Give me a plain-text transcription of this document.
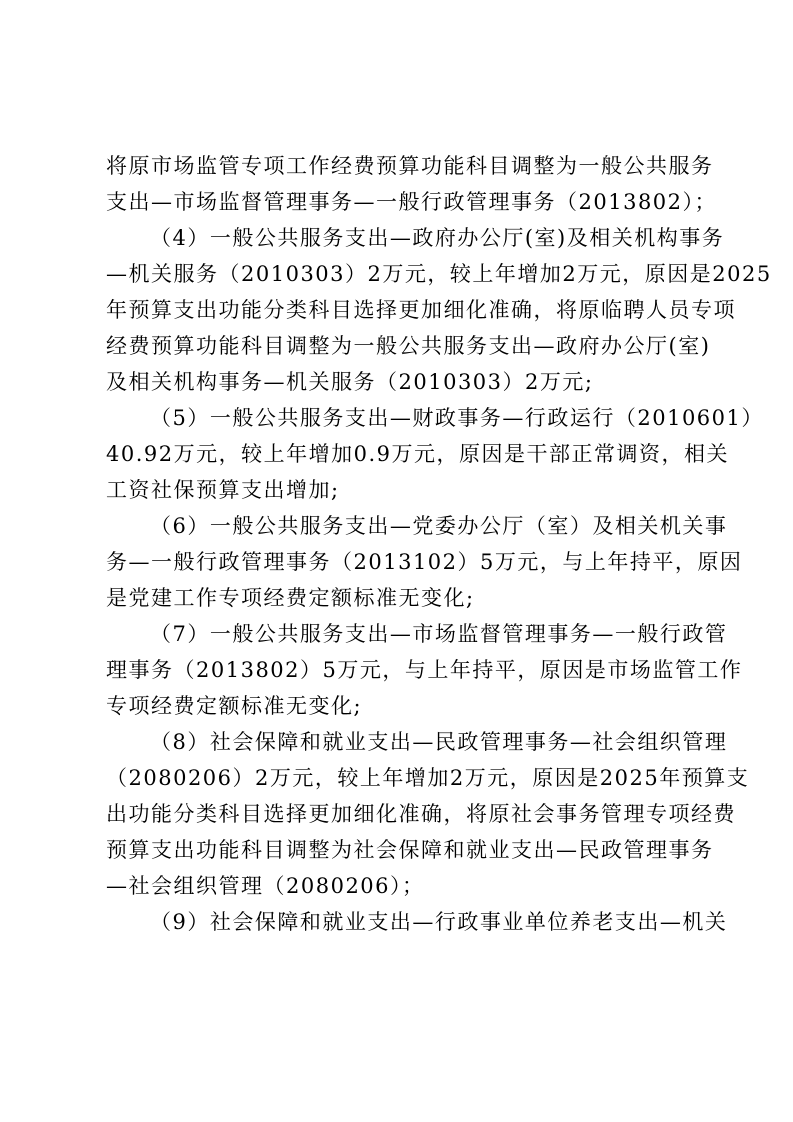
将原市场监管专项工作经费预算功能科目调整为一般公共服务
支出—市场监督管理事务—一般行政管理事务（2013802）；
（4）一般公共服务支出—政府办公厅(室)及相关机构事务
—机关服务（2010303）2万元，较上年增加2万元，原因是2025
年预算支出功能分类科目选择更加细化准确，将原临聘人员专项
经费预算功能科目调整为一般公共服务支出—政府办公厅(室)
及相关机构事务—机关服务（2010303）2万元;
（5）一般公共服务支出—财政事务—行政运行（2010601）
40.92万元，较上年增加0.9万元，原因是干部正常调资，相关
工资社保预算支出增加;
（6）一般公共服务支出—党委办公厅（室）及相关机关事
务—一般行政管理事务（2013102）5万元，与上年持平，原因
是党建工作专项经费定额标准无变化;
（7）一般公共服务支出—市场监督管理事务—一般行政管
理事务（2013802）5万元，与上年持平，原因是市场监管工作
专项经费定额标准无变化;
（8）社会保障和就业支出—民政管理事务—社会组织管理
（2080206）2万元，较上年增加2万元，原因是2025年预算支
出功能分类科目选择更加细化准确，将原社会事务管理专项经费
预算支出功能科目调整为社会保障和就业支出—民政管理事务
—社会组织管理（2080206）；
（9）社会保障和就业支出—行政事业单位养老支出—机关
